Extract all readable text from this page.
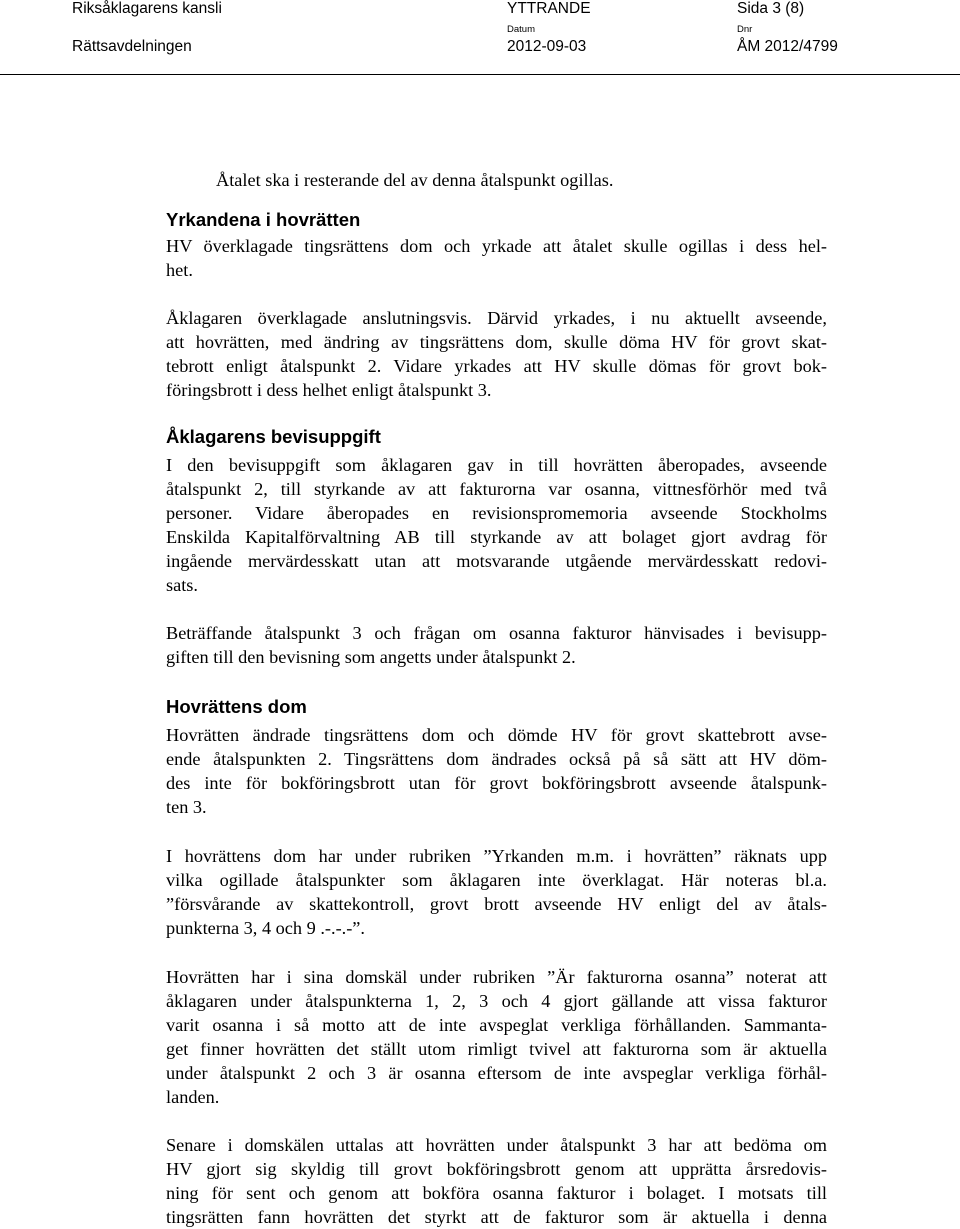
Riksåklagarens kansli
Rättsavdelningen
YTTRANDE
Datum
2012-09-03
Dnr
ÅM 2012/4799
Sida 3 (8)
Åtalet ska i resterande del av denna åtalspunkt ogillas.
Yrkandena i hovrätten
HV överklagade tingsrättens dom och yrkade att åtalet skulle ogillas i dess hel-
het.
Åklagaren överklagade anslutningsvis. Därvid yrkades, i nu aktuellt avseende,
att hovrätten, med ändring av tingsrättens dom, skulle döma HV för grovt skat-
tebrott enligt åtalspunkt 2. Vidare yrkades att HV skulle dömas för grovt bok-
föringsbrott i dess helhet enligt åtalspunkt 3.
Åklagarens bevisuppgift
I den bevisuppgift som åklagaren gav in till hovrätten åberopades, avseende
åtalspunkt 2, till styrkande av att fakturorna var osanna, vittnesförhör med två
personer. Vidare åberopades en revisionspromemoria avseende Stockholms
Enskilda Kapitalförvaltning AB till styrkande av att bolaget gjort avdrag för
ingående mervärdesskatt utan att motsvarande utgående mervärdesskatt redovi-
sats.
Beträffande åtalspunkt 3 och frågan om osanna fakturor hänvisades i bevisupp-
giften till den bevisning som angetts under åtalspunkt 2.
Hovrättens dom
Hovrätten ändrade tingsrättens dom och dömde HV för grovt skattebrott avse-
ende åtalspunkten 2. Tingsrättens dom ändrades också på så sätt att HV döm-
des inte för bokföringsbrott utan för grovt bokföringsbrott avseende åtalspunk-
ten 3.
I hovrättens dom har under rubriken ”Yrkanden m.m. i hovrätten” räknats upp
vilka ogillade åtalspunkter som åklagaren inte överklagat. Här noteras bl.a.
”försvårande av skattekontroll, grovt brott avseende HV enligt del av åtals-
punkterna 3, 4 och 9 .-.-.-”.
Hovrätten har i sina domskäl under rubriken ”Är fakturorna osanna” noterat att
åklagaren under åtalspunkterna 1, 2, 3 och 4 gjort gällande att vissa fakturor
varit osanna i så motto att de inte avspeglat verkliga förhållanden. Sammanta-
get finner hovrätten det ställt utom rimligt tvivel att fakturorna som är aktuella
under åtalspunkt 2 och 3 är osanna eftersom de inte avspeglar verkliga förhål-
landen.
Senare i domskälen uttalas att hovrätten under åtalspunkt 3 har att bedöma om
HV gjort sig skyldig till grovt bokföringsbrott genom att upprätta årsredovis-
ning för sent och genom att bokföra osanna fakturor i bolaget. I motsats till
tingsrätten fann hovrätten det styrkt att de fakturor som är aktuella i denna
